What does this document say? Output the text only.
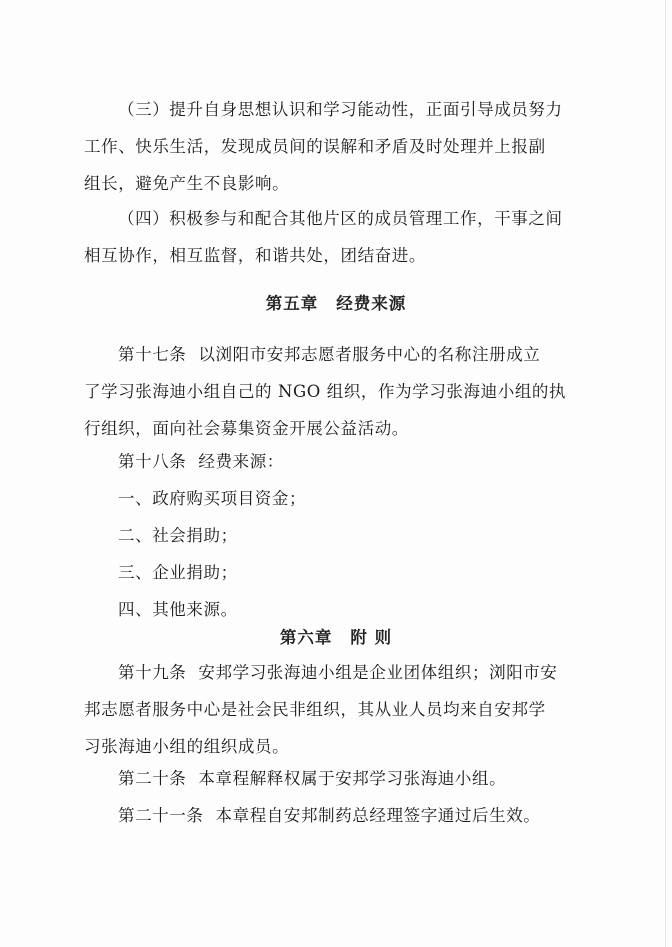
（三）提升自身思想认识和学习能动性，正面引导成员努力
工作、快乐生活，发现成员间的误解和矛盾及时处理并上报副
组长，避免产生不良影响。
（四）积极参与和配合其他片区的成员管理工作，干事之间
相互协作，相互监督，和谐共处，团结奋进。
第五章 经费来源
第十七条 以浏阳市安邦志愿者服务中心的名称注册成立
了学习张海迪小组自己的 NGO 组织，作为学习张海迪小组的执
行组织，面向社会募集资金开展公益活动。
第十八条 经费来源：
一、政府购买项目资金；
二、社会捐助；
三、企业捐助；
四、其他来源。
第六章 附 则
第十九条 安邦学习张海迪小组是企业团体组织；浏阳市安
邦志愿者服务中心是社会民非组织，其从业人员均来自安邦学
习张海迪小组的组织成员。
第二十条 本章程解释权属于安邦学习张海迪小组。
第二十一条 本章程自安邦制药总经理签字通过后生效。
